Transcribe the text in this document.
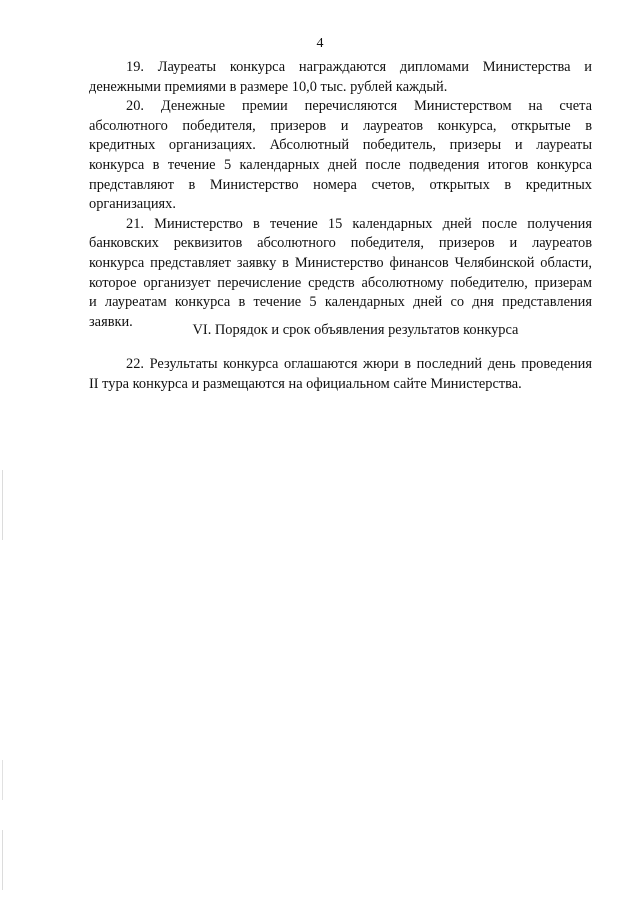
4

19. Лауреаты конкурса награждаются дипломами Министерства и
денежными премиями в размере 10,0 тыс. рублей каждый.

20. Денежные премии перечисляются Министерством на счета
абсолютного победителя, призеров и лауреатов конкурса, открытые в
кредитных организациях. Абсолютный победитель, призеры и лауреаты
конкурса в течение 5 календарных дней после подведения итогов конкурса
представляют в Министерство номера счетов, открытых в кредитных
организациях.

21. Министерство в течение 15 календарных дней после получения
банковских реквизитов абсолютного победителя, призеров и лауреатов
конкурса представляет заявку в Министерство финансов Челябинской области,
которое организует перечисление средств абсолютному победителю, призерам
и лауреатам конкурса в течение 5 календарных дней со дня представления
заявки.

VI. Порядок и срок объявления результатов конкурса

22. Результаты конкурса оглашаются жюри в последний день проведения
II тура конкурса и размещаются на официальном сайте Министерства.
